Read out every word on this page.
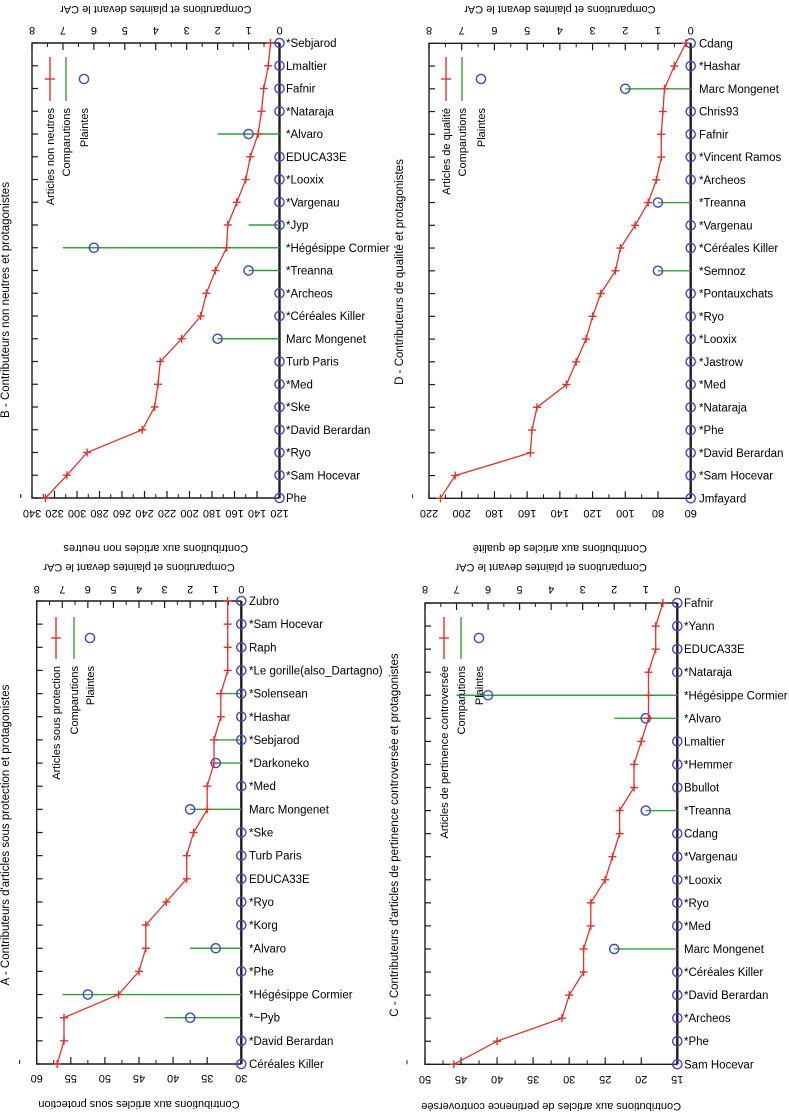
8 7 6 5 4 3 2 1 0
Comparutions et plaintes devant le CAr
340 320 300 280 260 240 220 200 180 160 140 120
Contributions aux articles non neutres
B - Contributeurs non neutres et protagonistes
Articles non neutres Comparutions Plaintes
*Sebjarod
Lmaltier
Fafnir
*Nataraja
*Alvaro
EDUCA33E
*Looxix
*Vargenau
*Jyp
*Hégésippe Cormier
*Treanna
*Archeos
*Céréales Killer
Marc Mongenet
Turb Paris
*Med
*Ske
*David Berardan
*Ryo
*Sam Hocevar
Phe
8 7 6 5 4 3 2 1 0
Comparutions et plaintes devant le CAr
220 200 180 160 140 120 100 80 60
Contributions aux articles de qualité
D - Contributeurs de qualité et protagonistes
Articles de qualité Comparutions Plaintes
Cdang
*Hashar
Marc Mongenet
Chris93
Fafnir
*Vincent Ramos
*Archeos
*Treanna
*Vargenau
*Céréales Killer
*Semnoz
*Pontauxchats
*Ryo
*Looxix
*Jastrow
*Med
*Nataraja
*Phe
*David Berardan
*Sam Hocevar
Jmfayard
8 7 6 5 4 3 2 1 0
Comparutions et plaintes devant le CAr
60 55 50 45 40 35 30
Contributions aux articles sous protection
A - Contributeurs d'articles sous protection et protagonistes	Articles sous protection Comparutions Plaintes
Zubro
*Sam Hocevar
Raph
*Le gorille(also_Dartagno)
*Solensean
*Hashar
*Sebjarod
*Darkoneko
*Med
Marc Mongenet
*Ske
Turb Paris
EDUCA33E
*Ryo
*Korg
*Alvaro
*Phe
*Hégésippe Cormier
*~Pyb
*David Berardan
Céréales Killer
8 7 6 5 4 3 2 1 0
Comparutions et plaintes devant le CAr
50 45 40 35 30 25 20 15
Contributions aux articles de pertinence controversée
C - Contributeurs d'articles de pertinence controversée et protagonistes	Articles de pertinence controversée Comparutions Plaintes
Fafnir
*Yann
EDUCA33E
*Nataraja
*Hégésippe Cormier
*Alvaro
Lmaltier
*Hemmer
Bbullot
*Treanna
Cdang
*Vargenau
*Looxix
*Ryo
*Med
Marc Mongenet
*Céréales Killer
*David Berardan
*Archeos
*Phe
Sam Hocevar
